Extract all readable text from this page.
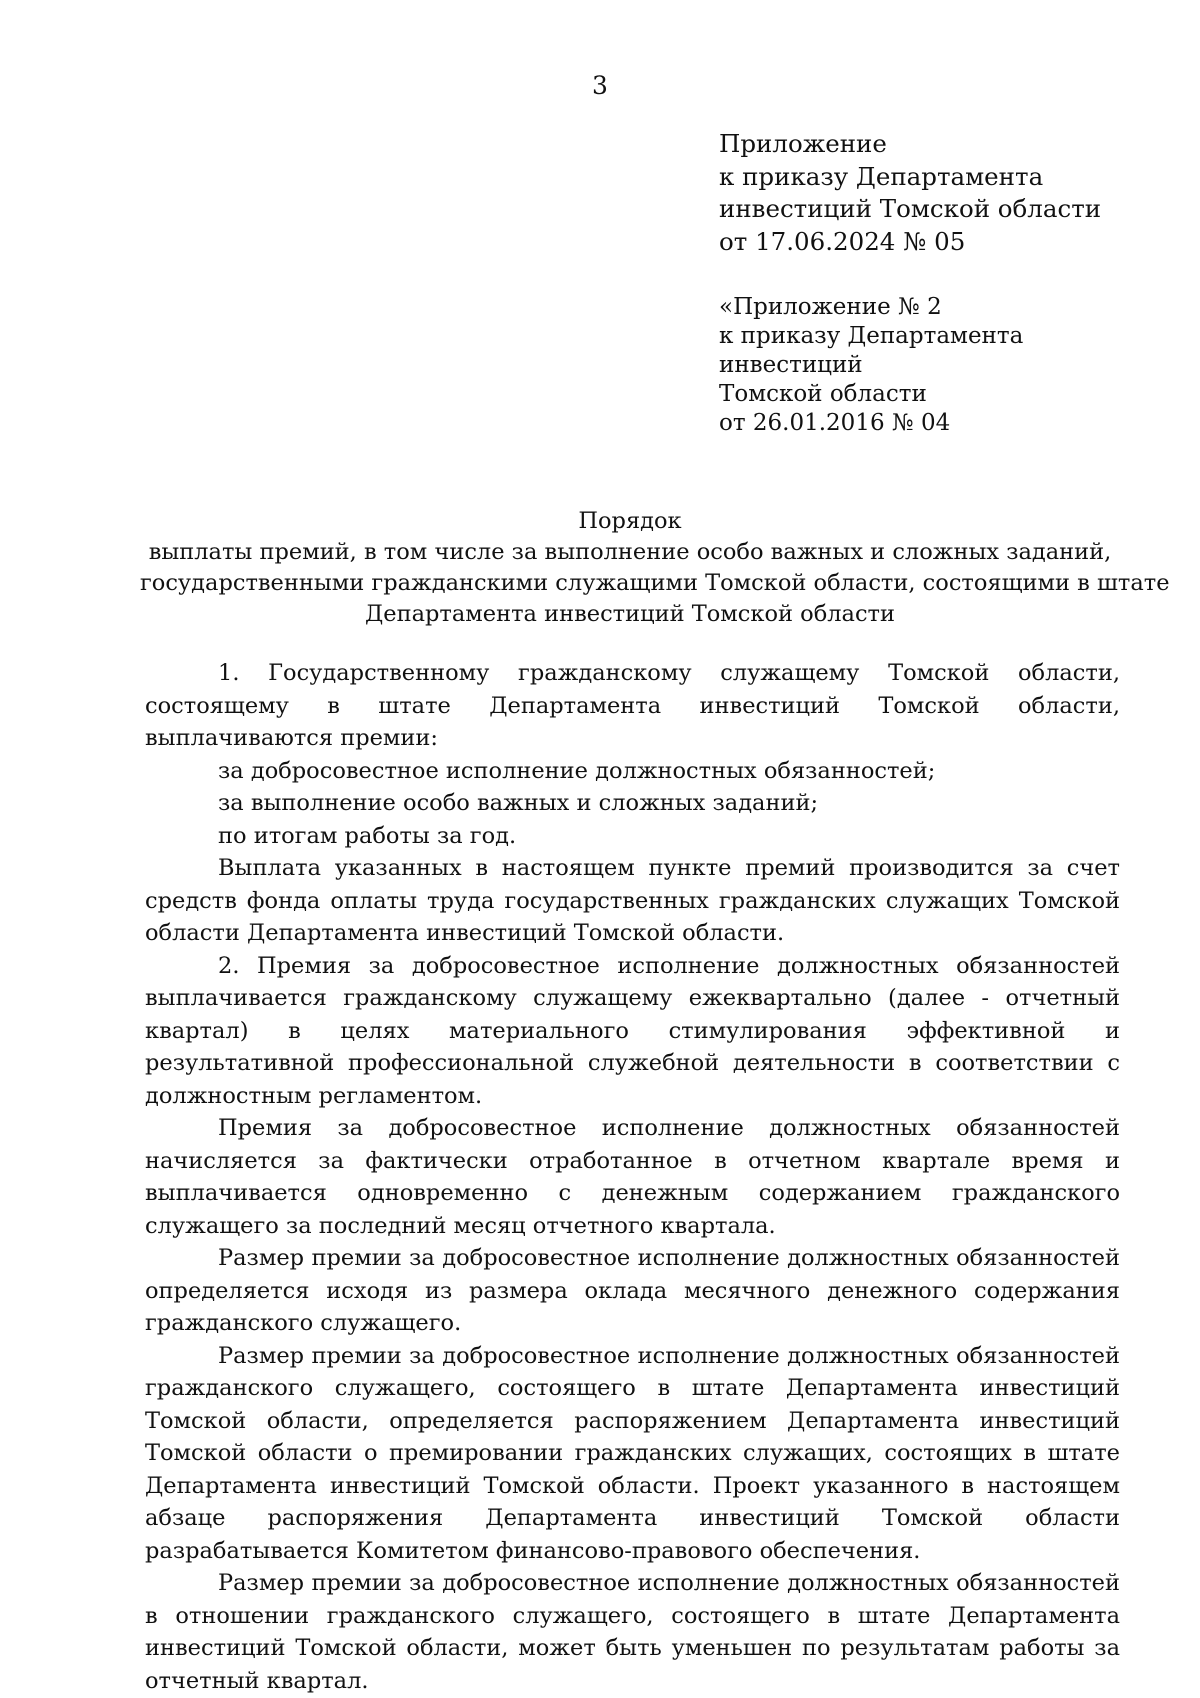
3
Приложение
к приказу Департамента
инвестиций Томской области
от 17.06.2024 № 05
«Приложение № 2
к приказу Департамента
инвестиций
Томской области
от 26.01.2016 № 04
Порядок
выплаты премий, в том числе за выполнение особо важных и сложных заданий,
государственными гражданскими служащими Томской области, состоящими в штате
Департамента инвестиций Томской области

1. Государственному гражданскому служащему Томской области, состоящему в штате Департамента инвестиций Томской области, выплачиваются премии:

за добросовестное исполнение должностных обязанностей;

за выполнение особо важных и сложных заданий;

по итогам работы за год.

Выплата указанных в настоящем пункте премий производится за счет средств фонда оплаты труда государственных гражданских служащих Томской области Департамента инвестиций Томской области.

2. Премия за добросовестное исполнение должностных обязанностей выплачивается гражданскому служащему ежеквартально (далее - отчетный квартал) в целях материального стимулирования эффективной и результативной профессиональной служебной деятельности в соответствии с должностным регламентом.

Премия за добросовестное исполнение должностных обязанностей начисляется за фактически отработанное в отчетном квартале время и выплачивается одновременно с денежным содержанием гражданского служащего за последний месяц отчетного квартала.

Размер премии за добросовестное исполнение должностных обязанностей определяется исходя из размера оклада месячного денежного содержания гражданского служащего.

Размер премии за добросовестное исполнение должностных обязанностей гражданского служащего, состоящего в штате Департамента инвестиций Томской области, определяется распоряжением Департамента инвестиций Томской области о премировании гражданских служащих, состоящих в штате Департамента инвестиций Томской области. Проект указанного в настоящем абзаце распоряжения Департамента инвестиций Томской области разрабатывается Комитетом финансово-правового обеспечения.

Размер премии за добросовестное исполнение должностных обязанностей в отношении гражданского служащего, состоящего в штате Департамента инвестиций Томской области, может быть уменьшен по результатам работы за отчетный квартал.
